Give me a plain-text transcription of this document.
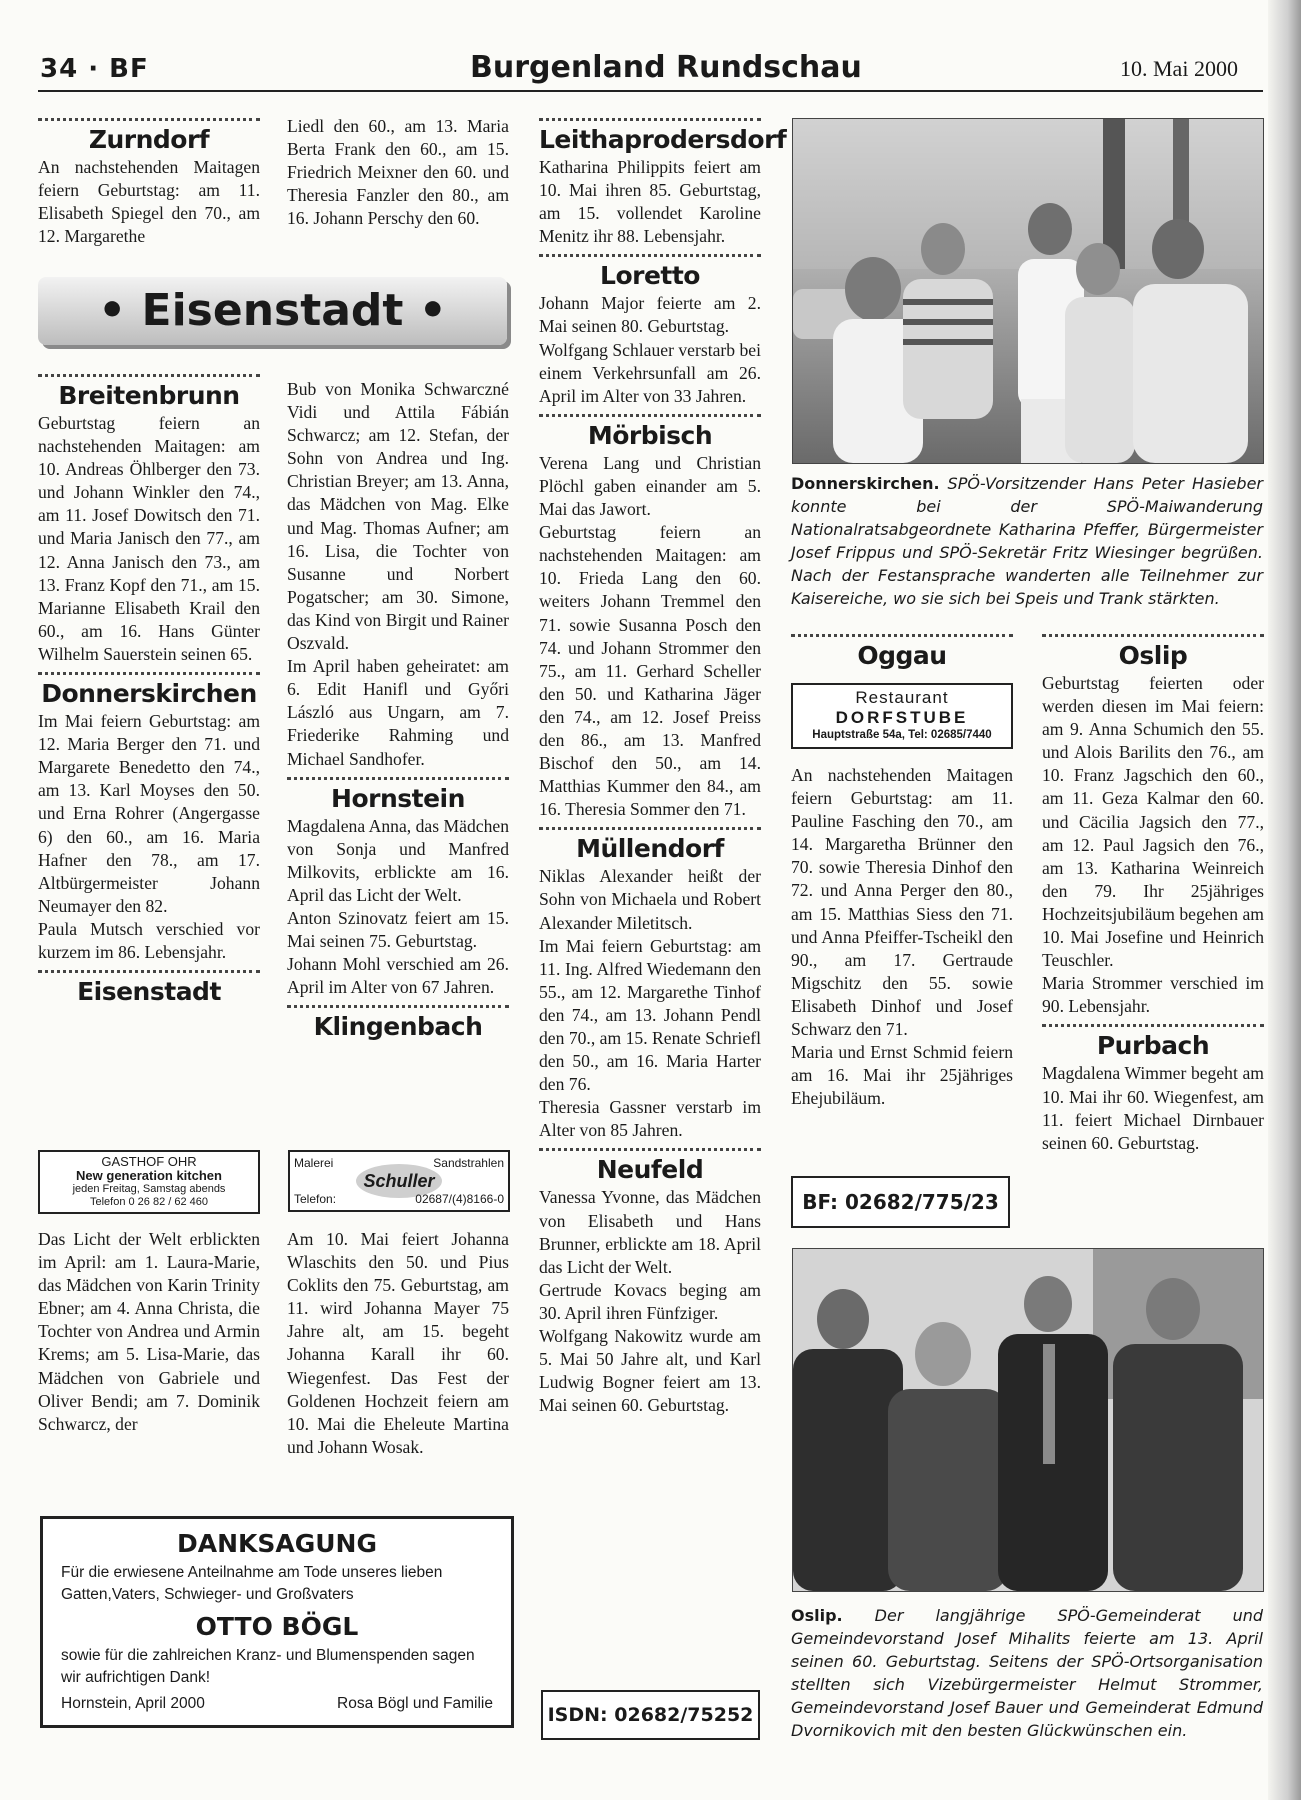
34 · BF	Burgenland Rundschau	10. Mai 2000
Zurndorf

An nachstehenden Maitagen feiern Geburtstag: am 11. Elisabeth Spiegel den 70., am 12. Margarethe

Liedl den 60., am 13. Maria Berta Frank den 60., am 15. Friedrich Meixner den 60. und Theresia Fanzler den 80., am 16. Johann Perschy den 60.

• Eisenstadt •
Breitenbrunn

Geburtstag feiern an nachstehenden Maitagen: am 10. Andreas Öhlberger den 73. und Johann Winkler den 74., am 11. Josef Dowitsch den 71. und Maria Janisch den 77., am 12. Anna Janisch den 73., am 13. Franz Kopf den 71., am 15. Marianne Elisabeth Krail den 60., am 16. Hans Günter Wilhelm Sauerstein seinen 65.

Donnerskirchen

Im Mai feiern Geburtstag: am 12. Maria Berger den 71. und Margarete Benedetto den 74., am 13. Karl Moyses den 50. und Erna Rohrer (Angergasse 6) den 60., am 16. Maria Hafner den 78., am 17. Altbürgermeister Johann Neumayer den 82.

Paula Mutsch verschied vor kurzem im 86. Lebensjahr.

Eisenstadt
GASTHOF OHR
New generation kitchen
jeden Freitag, Samstag abends
Telefon 0 26 82 / 62 460

Das Licht der Welt erblickten im April: am 1. Laura-Marie, das Mädchen von Karin Trinity Ebner; am 4. Anna Christa, die Tochter von Andrea und Armin Krems; am 5. Lisa-Marie, das Mädchen von Gabriele und Oliver Bendi; am 7. Dominik Schwarcz, der

Bub von Monika Schwarczné Vidi und Attila Fábián Schwarcz; am 12. Stefan, der Sohn von Andrea und Ing. Christian Breyer; am 13. Anna, das Mädchen von Mag. Elke und Mag. Thomas Aufner; am 16. Lisa, die Tochter von Susanne und Norbert Pogatscher; am 30. Simone, das Kind von Birgit und Rainer Oszvald.

Im April haben geheiratet: am 6. Edit Hanifl und Győri László aus Ungarn, am 7. Friederike Rahming und Michael Sandhofer.

Hornstein

Magdalena Anna, das Mädchen von Sonja und Manfred Milkovits, erblickte am 16. April das Licht der Welt.

Anton Szinovatz feiert am 15. Mai seinen 75. Geburtstag.

Johann Mohl verschied am 26. April im Alter von 67 Jahren.

Klingenbach
Malerei	Sandstrahlen
Schuller
Telefon:	02687/(4)8166-0

Am 10. Mai feiert Johanna Wlaschits den 50. und Pius Coklits den 75. Geburtstag, am 11. wird Johanna Mayer 75 Jahre alt, am 15. begeht Johanna Karall ihr 60. Wiegenfest. Das Fest der Goldenen Hochzeit feiern am 10. Mai die Eheleute Martina und Johann Wosak.

DANKSAGUNG
Für die erwiesene Anteilnahme am Tode unseres lieben Gatten,Vaters, Schwieger- und Großvaters
OTTO BÖGL
sowie für die zahlreichen Kranz- und Blumenspenden sagen wir aufrichtigen Dank!
Hornstein, April 2000	Rosa Bögl und Familie
Leithaprodersdorf

Katharina Philippits feiert am 10. Mai ihren 85. Geburtstag, am 15. vollendet Karoline Menitz ihr 88. Lebensjahr.

Loretto

Johann Major feierte am 2. Mai seinen 80. Geburtstag.

Wolfgang Schlauer verstarb bei einem Verkehrsunfall am 26. April im Alter von 33 Jahren.

Mörbisch

Verena Lang und Christian Plöchl gaben einander am 5. Mai das Jawort.

Geburtstag feiern an nachstehenden Maitagen: am 10. Frieda Lang den 60. weiters Johann Tremmel den 71. sowie Susanna Posch den 74. und Johann Strommer den 75., am 11. Gerhard Scheller den 50. und Katharina Jäger den 74., am 12. Josef Preiss den 86., am 13. Manfred Bischof den 50., am 14. Matthias Kummer den 84., am 16. Theresia Sommer den 71.

Müllendorf

Niklas Alexander heißt der Sohn von Michaela und Robert Alexander Miletitsch.

Im Mai feiern Geburtstag: am 11. Ing. Alfred Wiedemann den 55., am 12. Margarethe Tinhof den 74., am 13. Johann Pendl den 70., am 15. Renate Schriefl den 50., am 16. Maria Harter den 76.

Theresia Gassner verstarb im Alter von 85 Jahren.

Neufeld

Vanessa Yvonne, das Mädchen von Elisabeth und Hans Brunner, erblickte am 18. April das Licht der Welt.

Gertrude Kovacs beging am 30. April ihren Fünfziger.

Wolfgang Nakowitz wurde am 5. Mai 50 Jahre alt, und Karl Ludwig Bogner feiert am 13. Mai seinen 60. Geburtstag.

ISDN: 02682/75252
Donnerskirchen. SPÖ-Vorsitzender Hans Peter Hasieber konnte bei der SPÖ-Maiwanderung Nationalratsabgeordnete Katharina Pfeffer, Bürgermeister Josef Frippus und SPÖ-Sekretär Fritz Wiesinger begrüßen. Nach der Festansprache wanderten alle Teilnehmer zur Kaisereiche, wo sie sich bei Speis und Trank stärkten.
Oggau
Restaurant
DORFSTUBE
Hauptstraße 54a, Tel: 02685/7440

An nachstehenden Maitagen feiern Geburtstag: am 11. Pauline Fasching den 70., am 14. Margaretha Brünner den 70. sowie Theresia Dinhof den 72. und Anna Perger den 80., am 15. Matthias Siess den 71. und Anna Pfeiffer-Tscheikl den 90., am 17. Gertraude Migschitz den 55. sowie Elisabeth Dinhof und Josef Schwarz den 71.

Maria und Ernst Schmid feiern am 16. Mai ihr 25jähriges Ehejubiläum.

BF: 02682/775/23
Oslip

Geburtstag feierten oder werden diesen im Mai feiern: am 9. Anna Schumich den 55. und Alois Barilits den 76., am 10. Franz Jagschich den 60., am 11. Geza Kalmar den 60. und Cäcilia Jagsich den 77., am 12. Paul Jagsich den 76., am 13. Katharina Weinreich den 79. Ihr 25jähriges Hochzeitsjubiläum begehen am 10. Mai Josefine und Heinrich Teuschler.

Maria Strommer verschied im 90. Lebensjahr.

Purbach

Magdalena Wimmer begeht am 10. Mai ihr 60. Wiegenfest, am 11. feiert Michael Dirnbauer seinen 60. Geburtstag.

Oslip. Der langjährige SPÖ-Gemeinderat und Gemeindevorstand Josef Mihalits feierte am 13. April seinen 60. Geburtstag. Seitens der SPÖ-Ortsorganisation stellten sich Vizebürgermeister Helmut Strommer, Gemeindevorstand Josef Bauer und Gemeinderat Edmund Dvornikovich mit den besten Glückwünschen ein.
